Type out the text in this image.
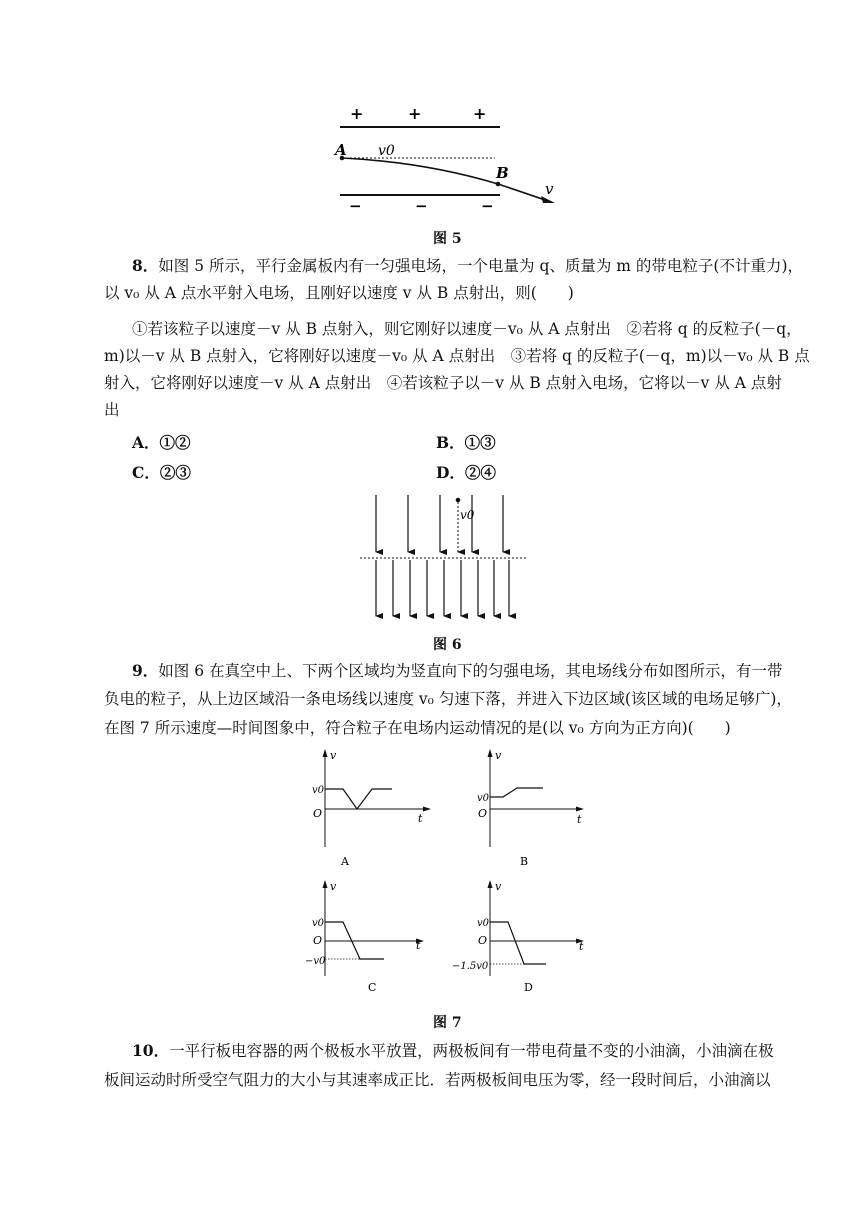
+	+	+
−	−	−
A v0
B
v
图 5
8．如图 5 所示，平行金属板内有一匀强电场，一个电量为 q、质量为 m 的带电粒子(不计重力)，
以 v₀ 从 A 点水平射入电场，且刚好以速度 v 从 B 点射出，则(　　)
①若该粒子以速度－v 从 B 点射入，则它刚好以速度－v₀ 从 A 点射出　②若将 q 的反粒子(－q，
m)以－v 从 B 点射入，它将刚好以速度－v₀ 从 A 点射出　③若将 q 的反粒子(－q，m)以－v₀ 从 B 点
射入，它将刚好以速度－v 从 A 点射出　④若该粒子以－v 从 B 点射入电场，它将以－v 从 A 点射
出
A．①②	B．①③
C．②③	D．②④
v0
图 6
9．如图 6 在真空中上、下两个区域均为竖直向下的匀强电场，其电场线分布如图所示，有一带
负电的粒子，从上边区域沿一条电场线以速度 v₀ 匀速下落，并进入下边区域(该区域的电场足够广)，
在图 7 所示速度—时间图象中，符合粒子在电场内运动情况的是(以 v₀ 方向为正方向)(　　)
v
t
O
v0
A
v
t
O
v0
B
v
t
O
v0
−v0
C
v
t
O
v0
−1.5v0
D
图 7
10．一平行板电容器的两个极板水平放置，两极板间有一带电荷量不变的小油滴，小油滴在极
板间运动时所受空气阻力的大小与其速率成正比．若两极板间电压为零，经一段时间后，小油滴以
